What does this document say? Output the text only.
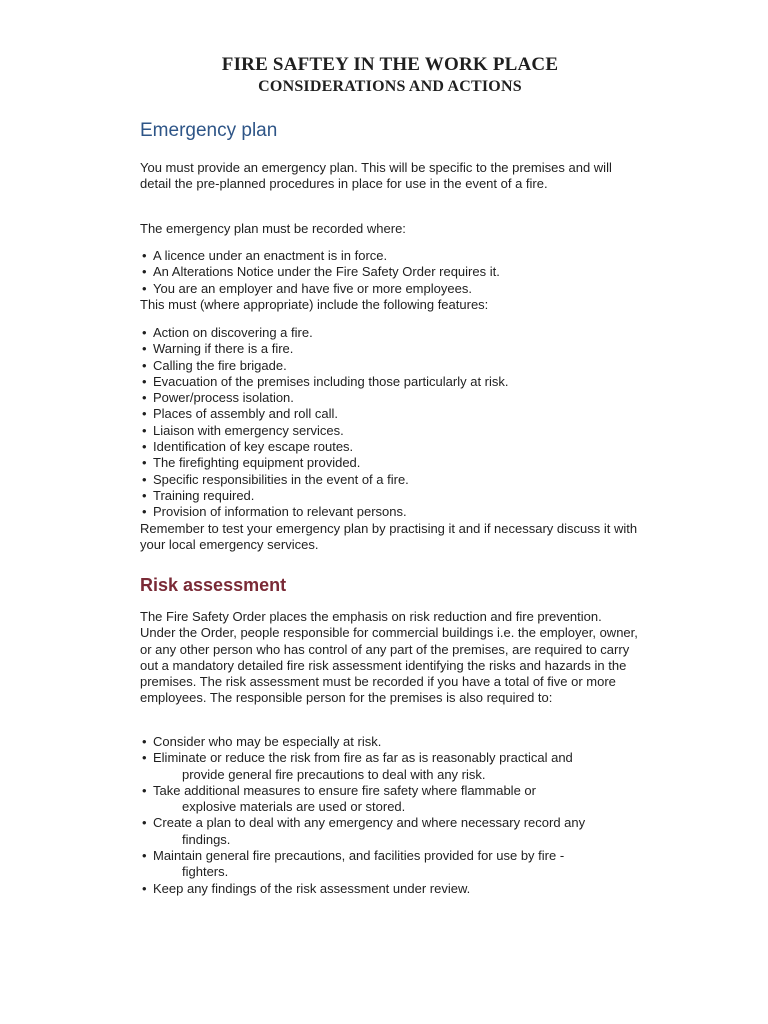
FIRE SAFTEY IN THE WORK PLACE
CONSIDERATIONS AND ACTIONS
Emergency plan
You must provide an emergency plan. This will be specific to the premises and will detail the pre-planned procedures in place for use in the event of a fire.
The emergency plan must be recorded where:
• A licence under an enactment is in force.
• An Alterations Notice under the Fire Safety Order requires it.
• You are an employer and have five or more employees.
This must (where appropriate) include the following features:
• Action on discovering a fire.
• Warning if there is a fire.
• Calling the fire brigade.
• Evacuation of the premises including those particularly at risk.
• Power/process isolation.
• Places of assembly and roll call.
• Liaison with emergency services.
• Identification of key escape routes.
• The firefighting equipment provided.
• Specific responsibilities in the event of a fire.
• Training required.
• Provision of information to relevant persons.
Remember to test your emergency plan by practising it and if necessary discuss it with your local emergency services.
Risk assessment
The Fire Safety Order places the emphasis on risk reduction and fire prevention. Under the Order, people responsible for commercial buildings i.e. the employer, owner, or any other person who has control of any part of the premises, are required to carry out a mandatory detailed fire risk assessment identifying the risks and hazards in the premises. The risk assessment must be recorded if you have a total of five or more employees. The responsible person for the premises is also required to:
• Consider who may be especially at risk.
• Eliminate or reduce the risk from fire as far as is reasonably practical and
provide general fire precautions to deal with any risk.
• Take additional measures to ensure fire safety where flammable or
explosive materials are used or stored.
• Create a plan to deal with any emergency and where necessary record any
findings.
• Maintain general fire precautions, and facilities provided for use by fire -
fighters.
• Keep any findings of the risk assessment under review.
